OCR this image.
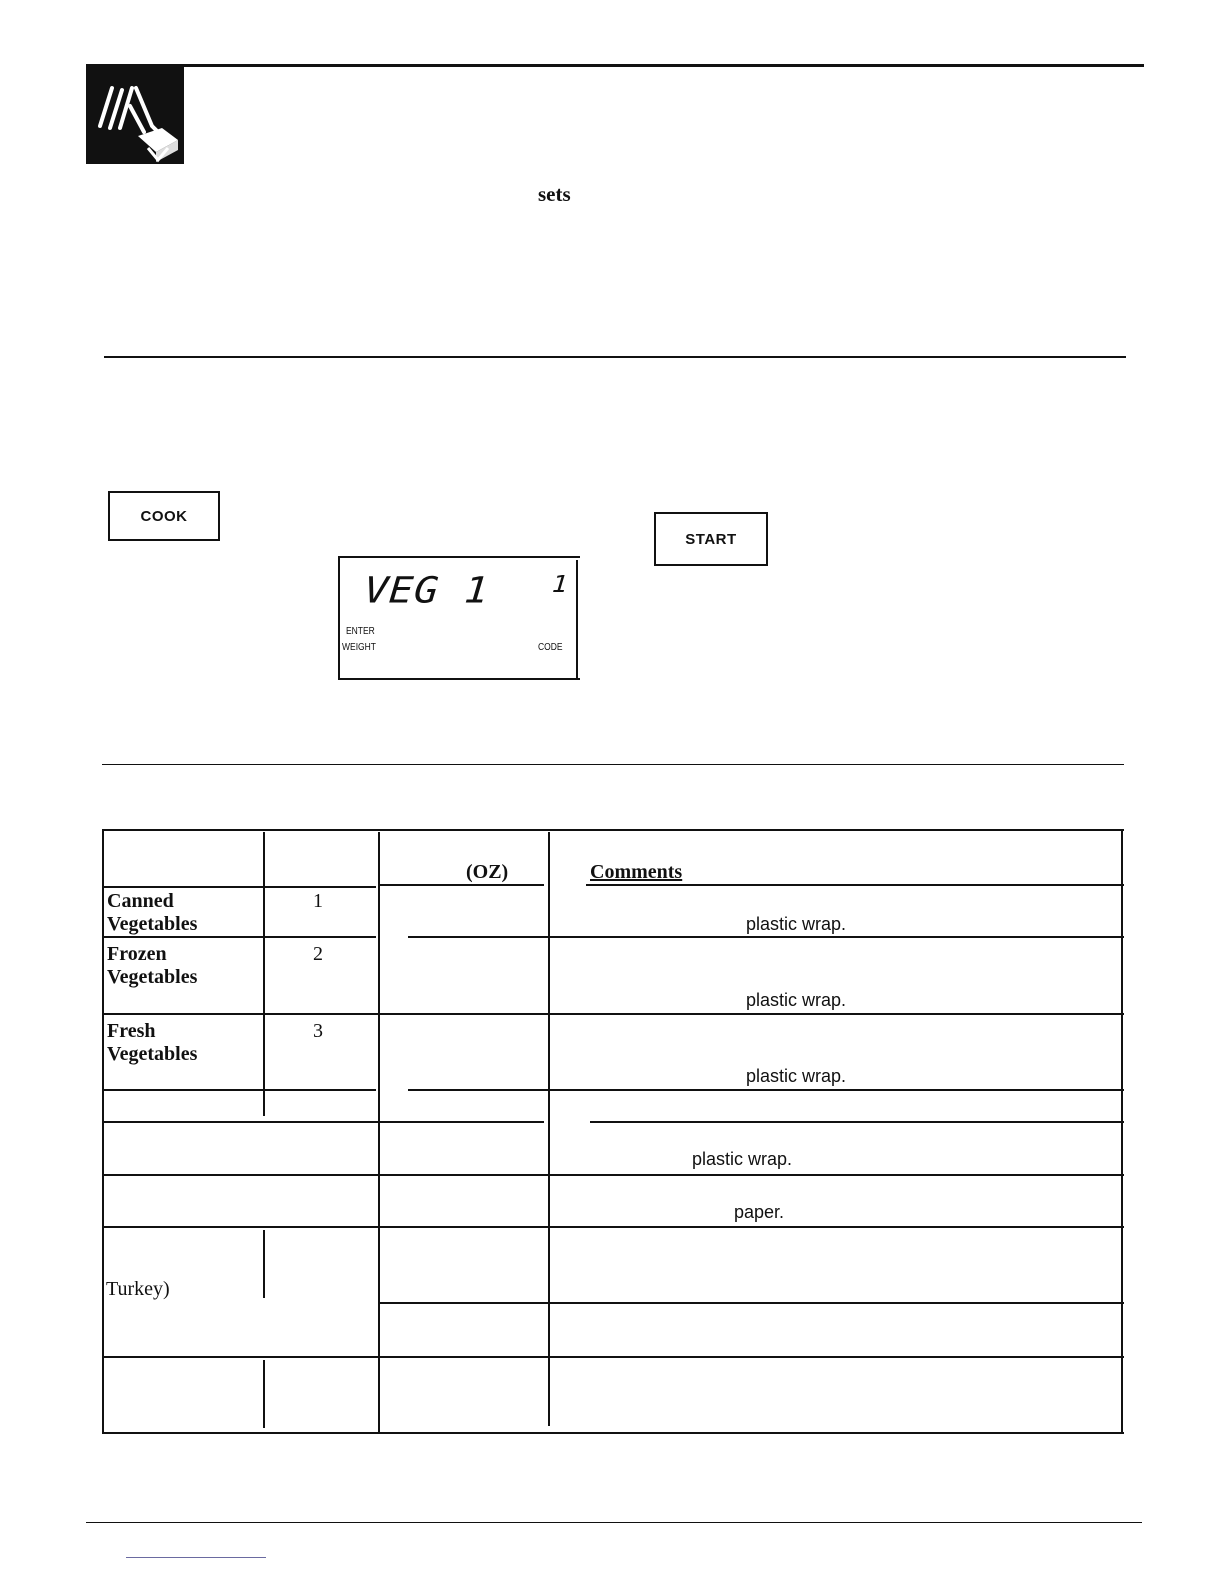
sets
COOK
START
VEG 1 1
ENTER
WEIGHT	CODE
(OZ)	Comments
Canned Vegetables
1
plastic wrap.
Frozen Vegetables
2
plastic wrap.
Fresh Vegetables
3
plastic wrap.
plastic wrap.
paper.
Turkey)
